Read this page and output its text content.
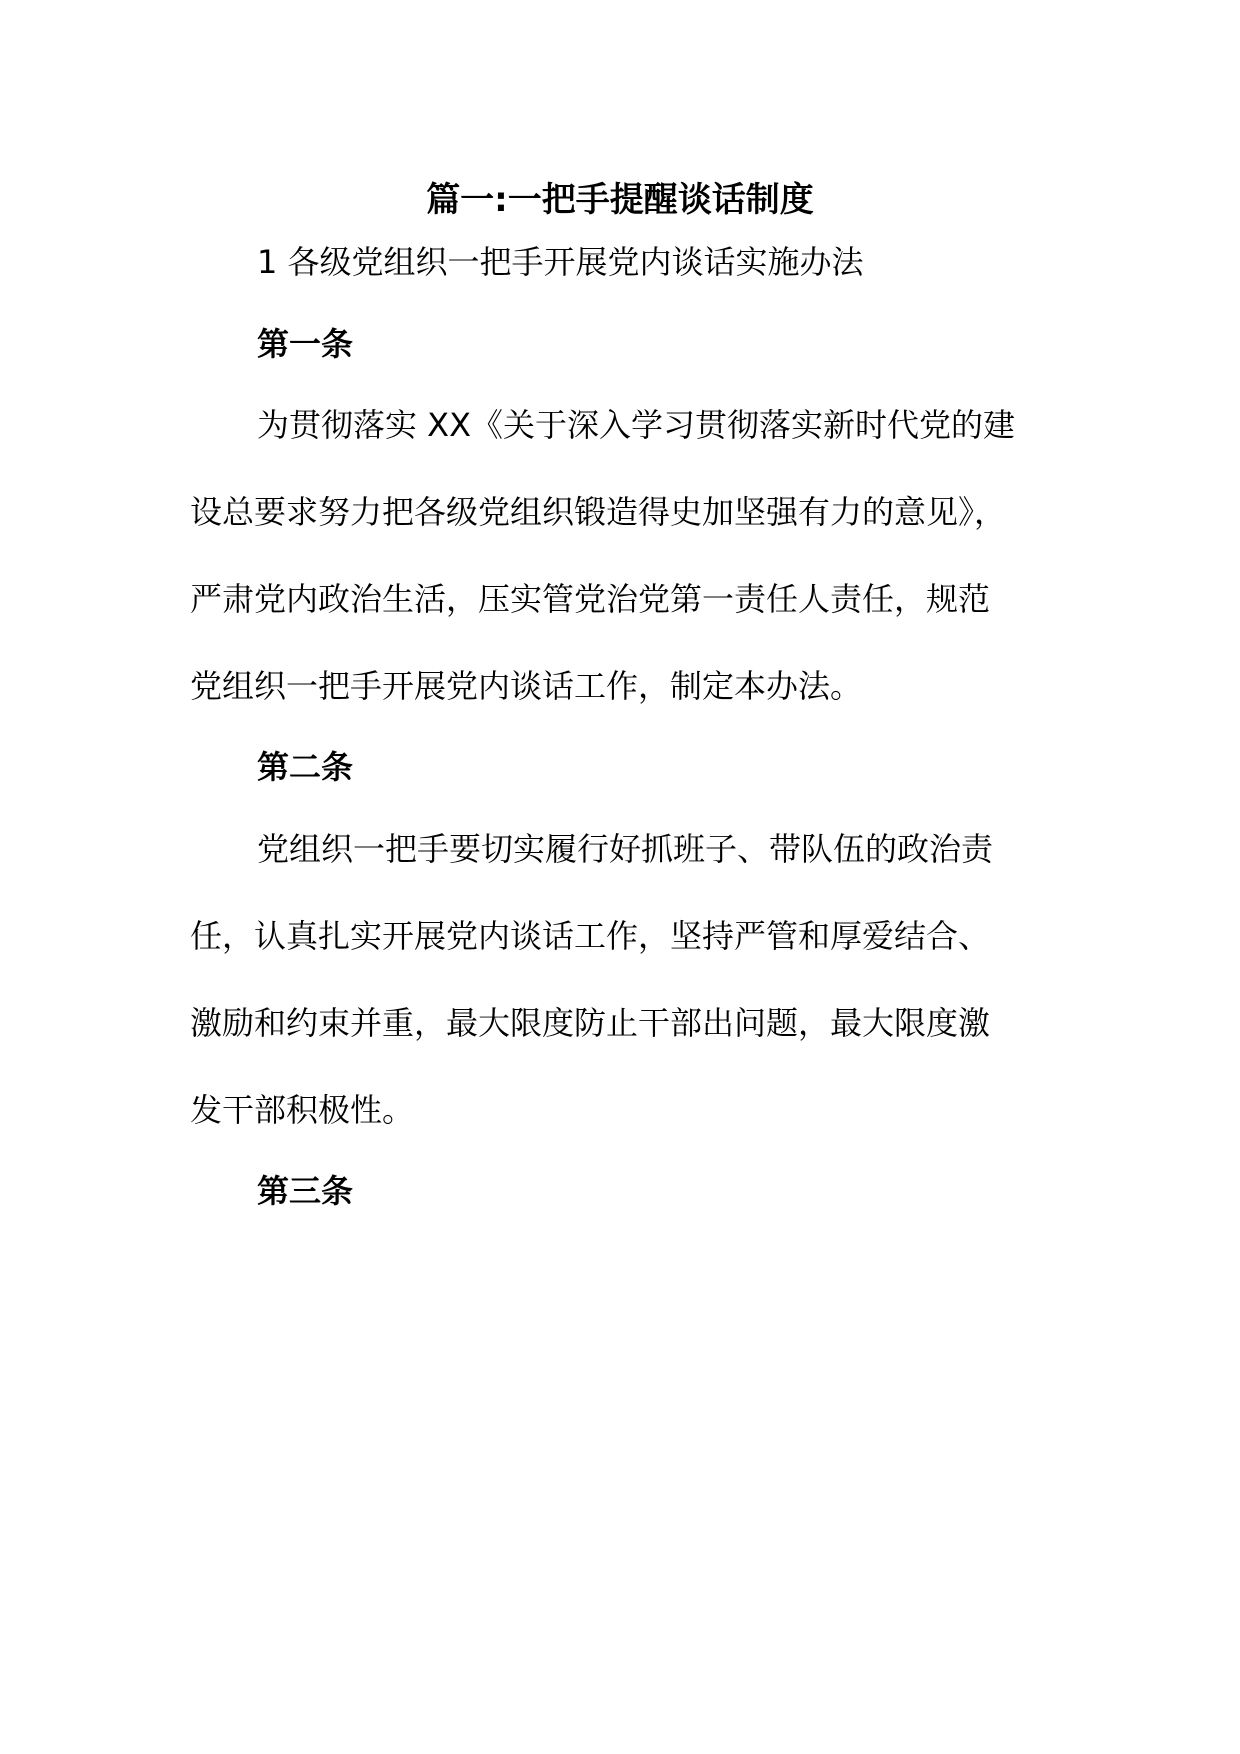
篇一:一把手提醒谈话制度
1 各级党组织一把手开展党内谈话实施办法
第一条
为贯彻落实 XX《关于深入学习贯彻落实新时代党的建
设总要求努力把各级党组织锻造得史加坚强有力的意见》，
严肃党内政治生活，压实管党治党第一责任人责任，规范
党组织一把手开展党内谈话工作，制定本办法。
第二条
党组织一把手要切实履行好抓班子、带队伍的政治责
任，认真扎实开展党内谈话工作，坚持严管和厚爱结合、
激励和约束并重，最大限度防止干部出问题，最大限度激
发干部积极性。
第三条
